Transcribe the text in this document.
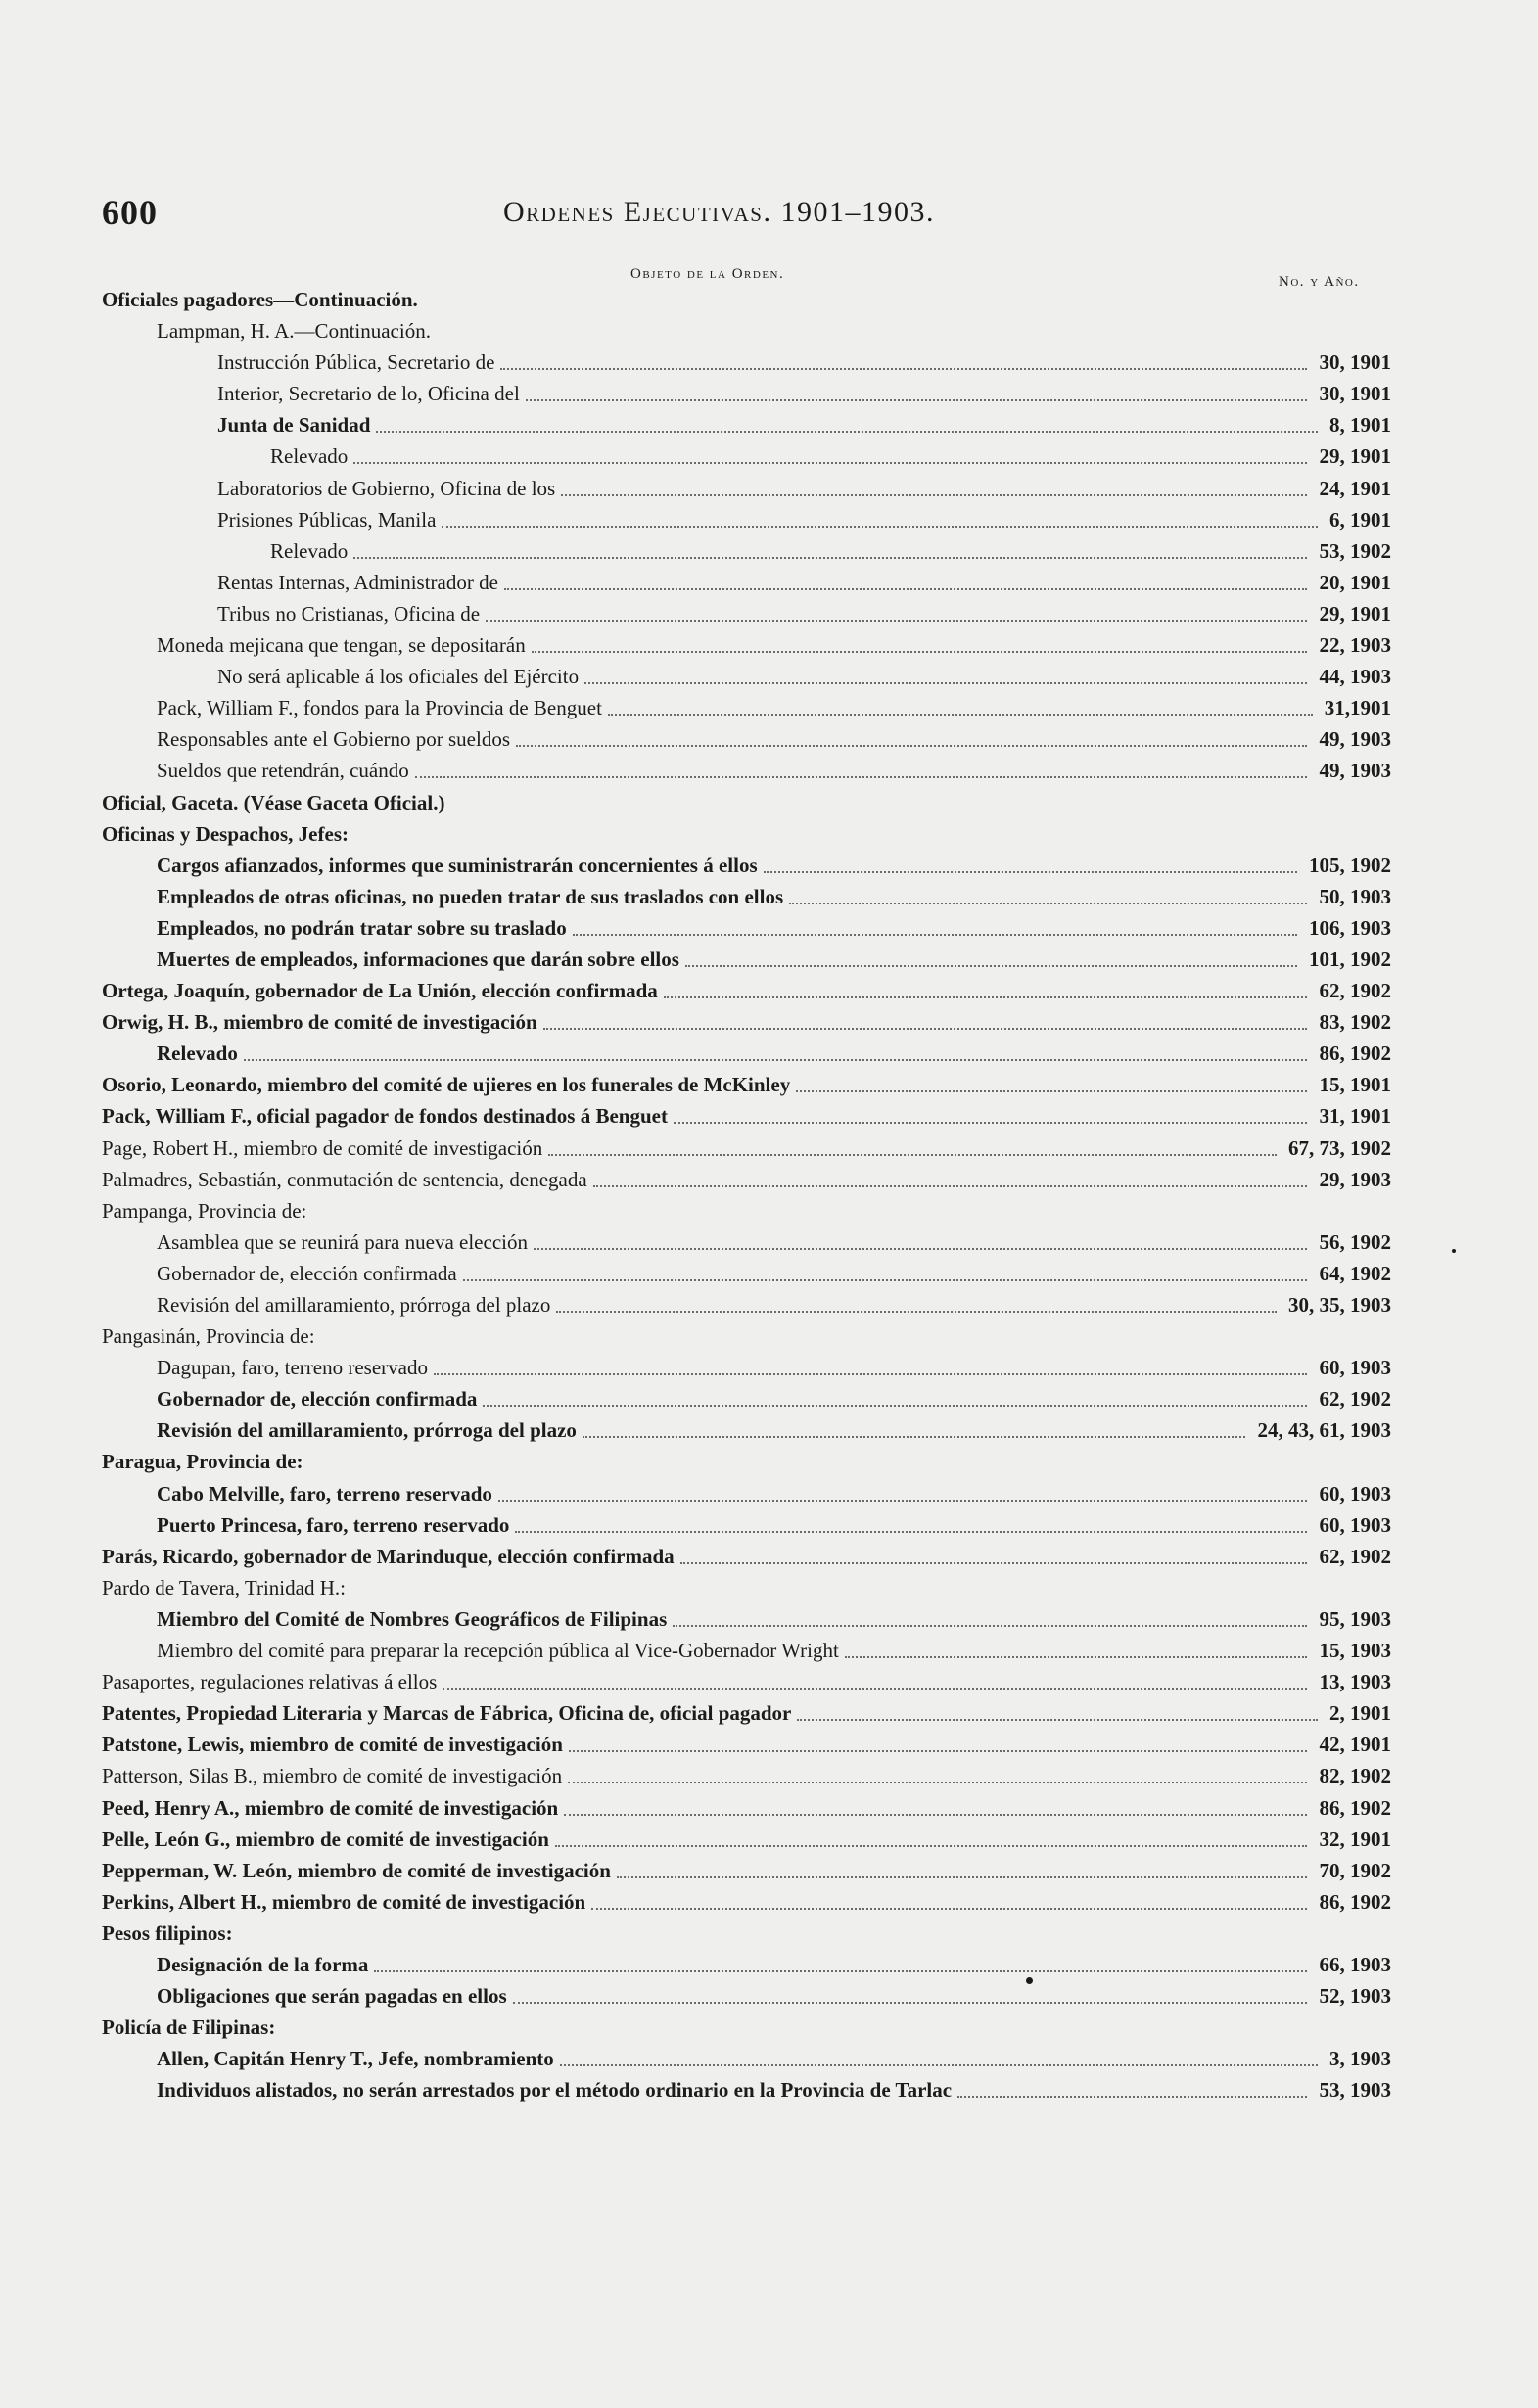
600	Ordenes Ejecutivas. 1901–1903.
Objeto de la Orden.	No. y Año.
Oficiales pagadores—Continuación.
Lampman, H. A.—Continuación.
Instrucción Pública, Secretario de	30, 1901
Interior, Secretario de lo, Oficina del	30, 1901
Junta de Sanidad	8, 1901
Relevado	29, 1901
Laboratorios de Gobierno, Oficina de los	24, 1901
Prisiones Públicas, Manila	6, 1901
Relevado	53, 1902
Rentas Internas, Administrador de	20, 1901
Tribus no Cristianas, Oficina de	29, 1901
Moneda mejicana que tengan, se depositarán	22, 1903
No será aplicable á los oficiales del Ejército	44, 1903
Pack, William F., fondos para la Provincia de Benguet	31,1901
Responsables ante el Gobierno por sueldos	49, 1903
Sueldos que retendrán, cuándo	49, 1903
Oficial, Gaceta. (Véase Gaceta Oficial.)
Oficinas y Despachos, Jefes:
Cargos afianzados, informes que suministrarán concernientes á ellos	105, 1902
Empleados de otras oficinas, no pueden tratar de sus traslados con ellos	50, 1903
Empleados, no podrán tratar sobre su traslado	106, 1903
Muertes de empleados, informaciones que darán sobre ellos	101, 1902
Ortega, Joaquín, gobernador de La Unión, elección confirmada	62, 1902
Orwig, H. B., miembro de comité de investigación	83, 1902
Relevado	86, 1902
Osorio, Leonardo, miembro del comité de ujieres en los funerales de McKinley	15, 1901
Pack, William F., oficial pagador de fondos destinados á Benguet	31, 1901
Page, Robert H., miembro de comité de investigación	67, 73, 1902
Palmadres, Sebastián, conmutación de sentencia, denegada	29, 1903
Pampanga, Provincia de:
Asamblea que se reunirá para nueva elección	56, 1902
Gobernador de, elección confirmada	64, 1902
Revisión del amillaramiento, prórroga del plazo	30, 35, 1903
Pangasinán, Provincia de:
Dagupan, faro, terreno reservado	60, 1903
Gobernador de, elección confirmada	62, 1902
Revisión del amillaramiento, prórroga del plazo	24, 43, 61, 1903
Paragua, Provincia de:
Cabo Melville, faro, terreno reservado	60, 1903
Puerto Princesa, faro, terreno reservado	60, 1903
Parás, Ricardo, gobernador de Marinduque, elección confirmada	62, 1902
Pardo de Tavera, Trinidad H.:
Miembro del Comité de Nombres Geográficos de Filipinas	95, 1903
Miembro del comité para preparar la recepción pública al Vice-Gobernador Wright	15, 1903
Pasaportes, regulaciones relativas á ellos	13, 1903
Patentes, Propiedad Literaria y Marcas de Fábrica, Oficina de, oficial pagador	2, 1901
Patstone, Lewis, miembro de comité de investigación	42, 1901
Patterson, Silas B., miembro de comité de investigación	82, 1902
Peed, Henry A., miembro de comité de investigación	86, 1902
Pelle, León G., miembro de comité de investigación	32, 1901
Pepperman, W. León, miembro de comité de investigación	70, 1902
Perkins, Albert H., miembro de comité de investigación	86, 1902
Pesos filipinos:
Designación de la forma	66, 1903
Obligaciones que serán pagadas en ellos	52, 1903
Policía de Filipinas:
Allen, Capitán Henry T., Jefe, nombramiento	3, 1903
Individuos alistados, no serán arrestados por el método ordinario en la Provincia de Tarlac	53, 1903
